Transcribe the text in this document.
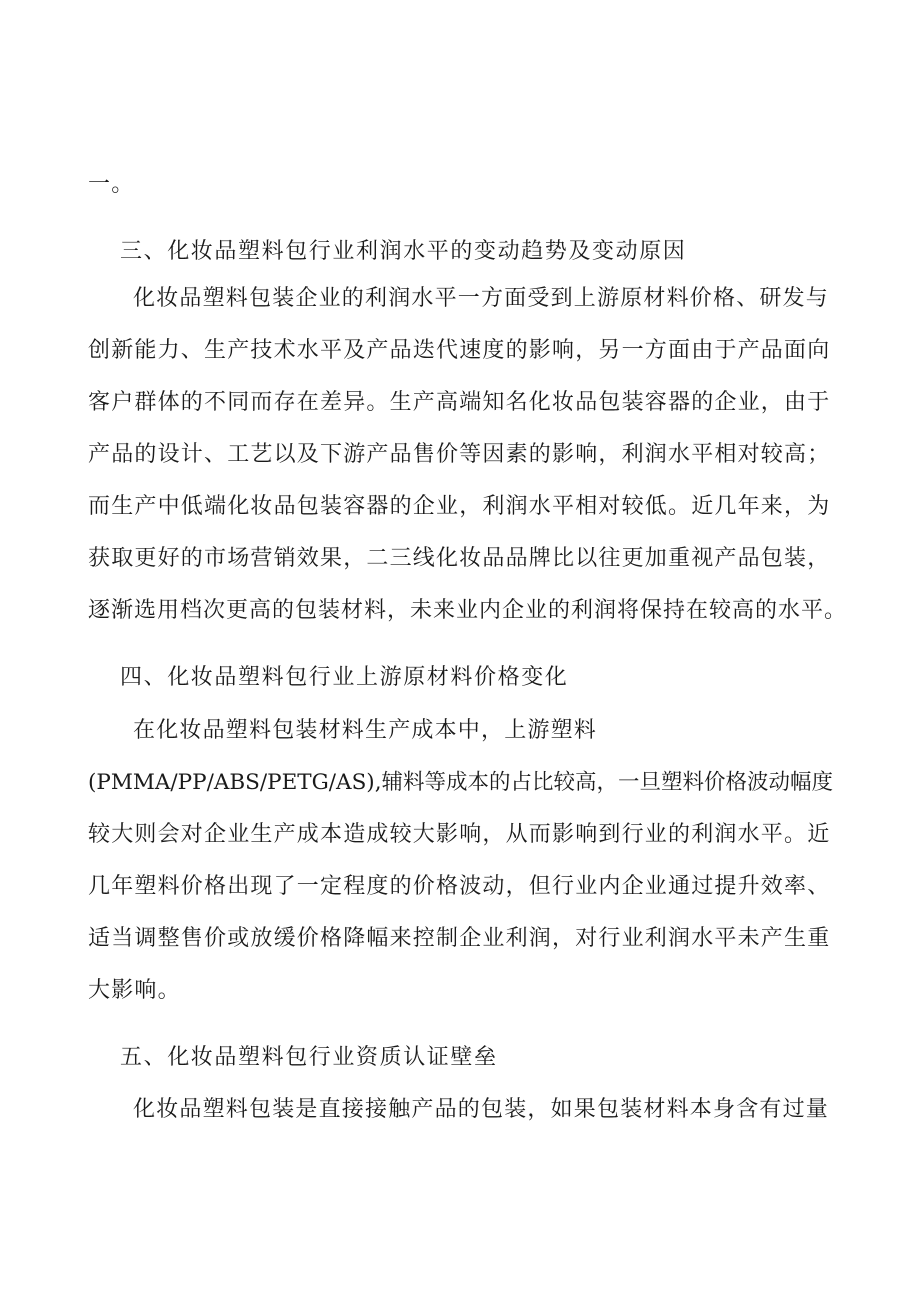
一。
三、化妆品塑料包行业利润水平的变动趋势及变动原因
化妆品塑料包装企业的利润水平一方面受到上游原材料价格、研发与
创新能力、生产技术水平及产品迭代速度的影响，另一方面由于产品面向
客户群体的不同而存在差异。生产高端知名化妆品包装容器的企业，由于
产品的设计、工艺以及下游产品售价等因素的影响，利润水平相对较高；
而生产中低端化妆品包装容器的企业，利润水平相对较低。近几年来，为
获取更好的市场营销效果，二三线化妆品品牌比以往更加重视产品包装，
逐渐选用档次更高的包装材料，未来业内企业的利润将保持在较高的水平。
四、化妆品塑料包行业上游原材料价格变化
在化妆品塑料包装材料生产成本中，上游塑料
(PMMA/PP/ABS/PETG/AS),辅料等成本的占比较高，一旦塑料价格波动幅度
较大则会对企业生产成本造成较大影响，从而影响到行业的利润水平。近
几年塑料价格出现了一定程度的价格波动，但行业内企业通过提升效率、
适当调整售价或放缓价格降幅来控制企业利润，对行业利润水平未产生重
大影响。
五、化妆品塑料包行业资质认证壁垒
化妆品塑料包装是直接接触产品的包装，如果包装材料本身含有过量
